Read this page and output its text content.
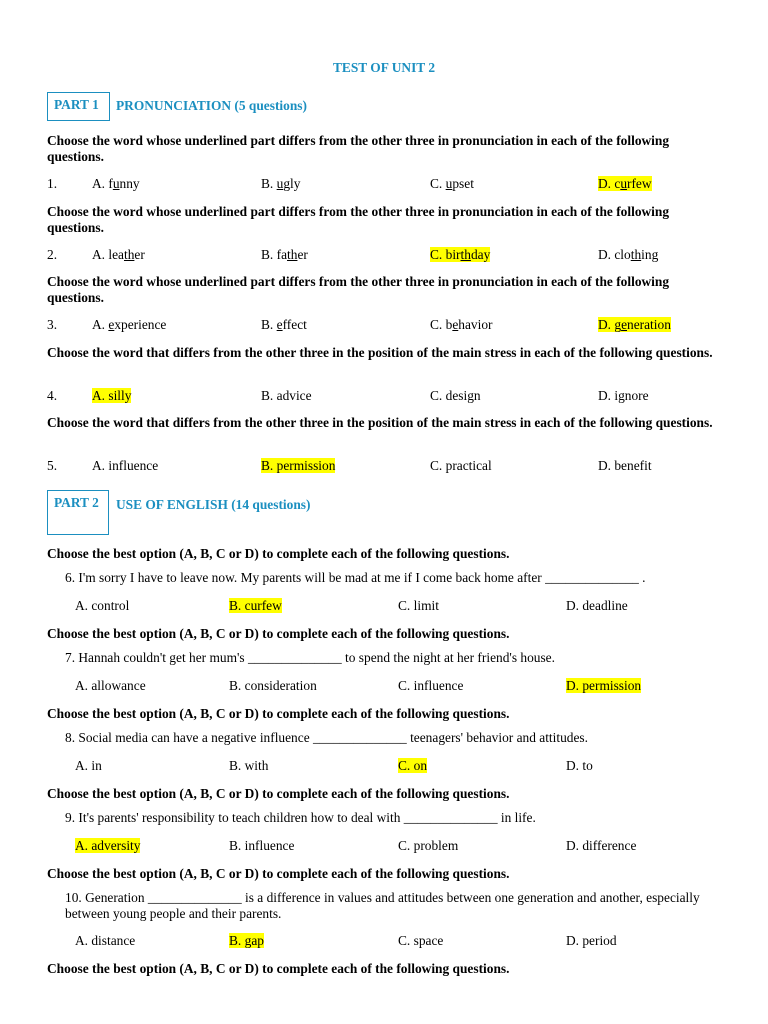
TEST OF UNIT 2
PART 1	PRONUNCIATION (5 questions)
PART 2	USE OF ENGLISH (14 questions)
Choose the word whose underlined part differs from the other three in pronunciation in each of the following questions.
1.	A. funny	B. ugly	C. upset	D. curfew
Choose the word whose underlined part differs from the other three in pronunciation in each of the following questions.
2.	A. leather	B. father	C. birthday	D. clothing
Choose the word whose underlined part differs from the other three in pronunciation in each of the following questions.
3.	A. experience	B. effect	C. behavior	D. generation
Choose the word that differs from the other three in the position of the main stress in each of the following questions.
4.	A. silly	B. advice	C. design	D. ignore
Choose the word that differs from the other three in the position of the main stress in each of the following questions.
5.	A. influence	B. permission	C. practical	D. benefit
Choose the best option (A, B, C or D) to complete each of the following questions.
6. I'm sorry I have to leave now. My parents will be mad at me if I come back home after ______________ .
A. control	B. curfew	C. limit	D. deadline
Choose the best option (A, B, C or D) to complete each of the following questions.
7. Hannah couldn't get her mum's ______________ to spend the night at her friend's house.
A. allowance	B. consideration	C. influence	D. permission
Choose the best option (A, B, C or D) to complete each of the following questions.
8. Social media can have a negative influence ______________ teenagers' behavior and attitudes.
A. in	B. with	C. on	D. to
Choose the best option (A, B, C or D) to complete each of the following questions.
9. It's parents' responsibility to teach children how to deal with ______________ in life.
A. adversity	B. influence	C. problem	D. difference
Choose the best option (A, B, C or D) to complete each of the following questions.
10. Generation ______________ is a difference in values and attitudes between one generation and another, especially between young people and their parents.
A. distance	B. gap	C. space	D. period
Choose the best option (A, B, C or D) to complete each of the following questions.
